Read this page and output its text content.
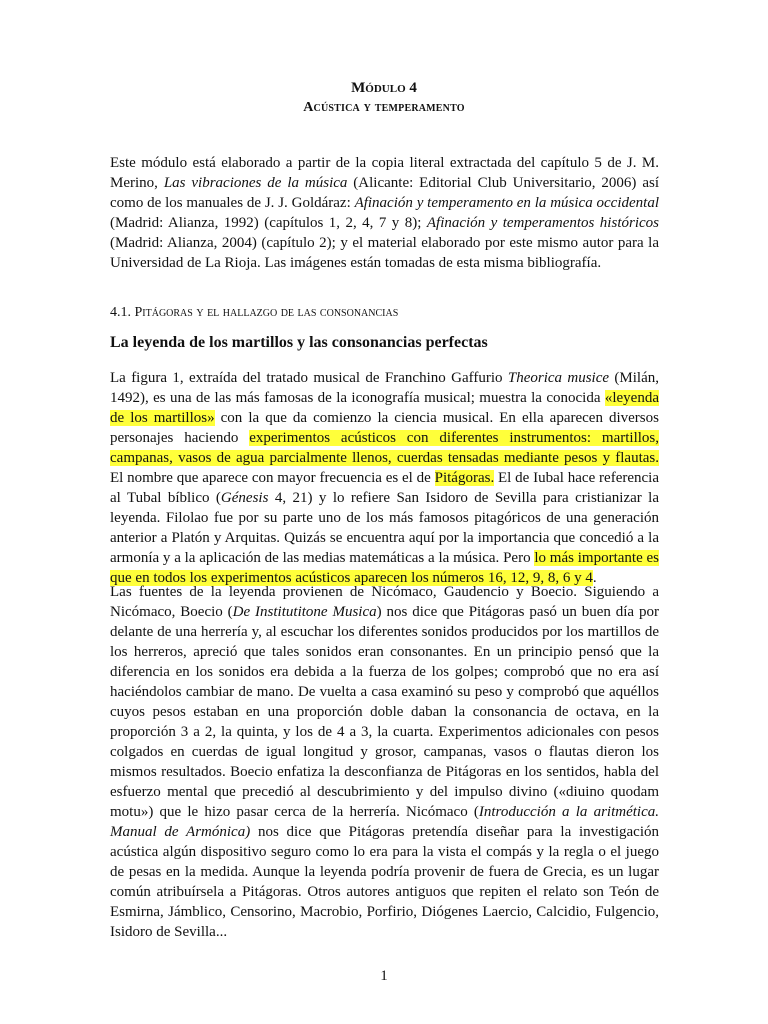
Módulo 4
Acústica y temperamento

Este módulo está elaborado a partir de la copia literal extractada del capítulo 5 de J. M. Merino, Las vibraciones de la música (Alicante: Editorial Club Universitario, 2006) así como de los manuales de J. J. Goldáraz: Afinación y temperamento en la música occidental (Madrid: Alianza, 1992) (capítulos 1, 2, 4, 7 y 8); Afinación y temperamentos históricos (Madrid: Alianza, 2004) (capítulo 2); y el material elaborado por este mismo autor para la Universidad de La Rioja. Las imágenes están tomadas de esta misma bibliografía.

4.1. Pitágoras y el hallazgo de las consonancias
La leyenda de los martillos y las consonancias perfectas

La figura 1, extraída del tratado musical de Franchino Gaffurio Theorica musice (Milán, 1492), es una de las más famosas de la iconografía musical; muestra la conocida «leyenda de los martillos» con la que da comienzo la ciencia musical. En ella aparecen diversos personajes haciendo experimentos acústicos con diferentes instrumentos: martillos, campanas, vasos de agua parcialmente llenos, cuerdas tensadas mediante pesos y flautas. El nombre que aparece con mayor frecuencia es el de Pitágoras. El de Iubal hace referencia al Tubal bíblico (Génesis 4, 21) y lo refiere San Isidoro de Sevilla para cristianizar la leyenda. Filolao fue por su parte uno de los más famosos pitagóricos de una generación anterior a Platón y Arquitas. Quizás se encuentra aquí por la importancia que concedió a la armonía y a la aplicación de las medias matemáticas a la música. Pero lo más importante es que en todos los experimentos acústicos aparecen los números 16, 12, 9, 8, 6 y 4.

Las fuentes de la leyenda provienen de Nicómaco, Gaudencio y Boecio. Siguiendo a Nicómaco, Boecio (De Institutitone Musica) nos dice que Pitágoras pasó un buen día por delante de una herrería y, al escuchar los diferentes sonidos producidos por los martillos de los herreros, apreció que tales sonidos eran consonantes. En un principio pensó que la diferencia en los sonidos era debida a la fuerza de los golpes; comprobó que no era así haciéndolos cambiar de mano. De vuelta a casa examinó su peso y comprobó que aquéllos cuyos pesos estaban en una proporción doble daban la consonancia de octava, en la proporción 3 a 2, la quinta, y los de 4 a 3, la cuarta. Experimentos adicionales con pesos colgados en cuerdas de igual longitud y grosor, campanas, vasos o flautas dieron los mismos resultados. Boecio enfatiza la desconfianza de Pitágoras en los sentidos, habla del esfuerzo mental que precedió al descubrimiento y del impulso divino («diuino quodam motu») que le hizo pasar cerca de la herrería. Nicómaco (Introducción a la aritmética. Manual de Armónica) nos dice que Pitágoras pretendía diseñar para la investigación acústica algún dispositivo seguro como lo era para la vista el compás y la regla o el juego de pesas en la medida. Aunque la leyenda podría provenir de fuera de Grecia, es un lugar común atribuírsela a Pitágoras. Otros autores antiguos que repiten el relato son Teón de Esmirna, Jámblico, Censorino, Macrobio, Porfirio, Diógenes Laercio, Calcidio, Fulgencio, Isidoro de Sevilla...

1
